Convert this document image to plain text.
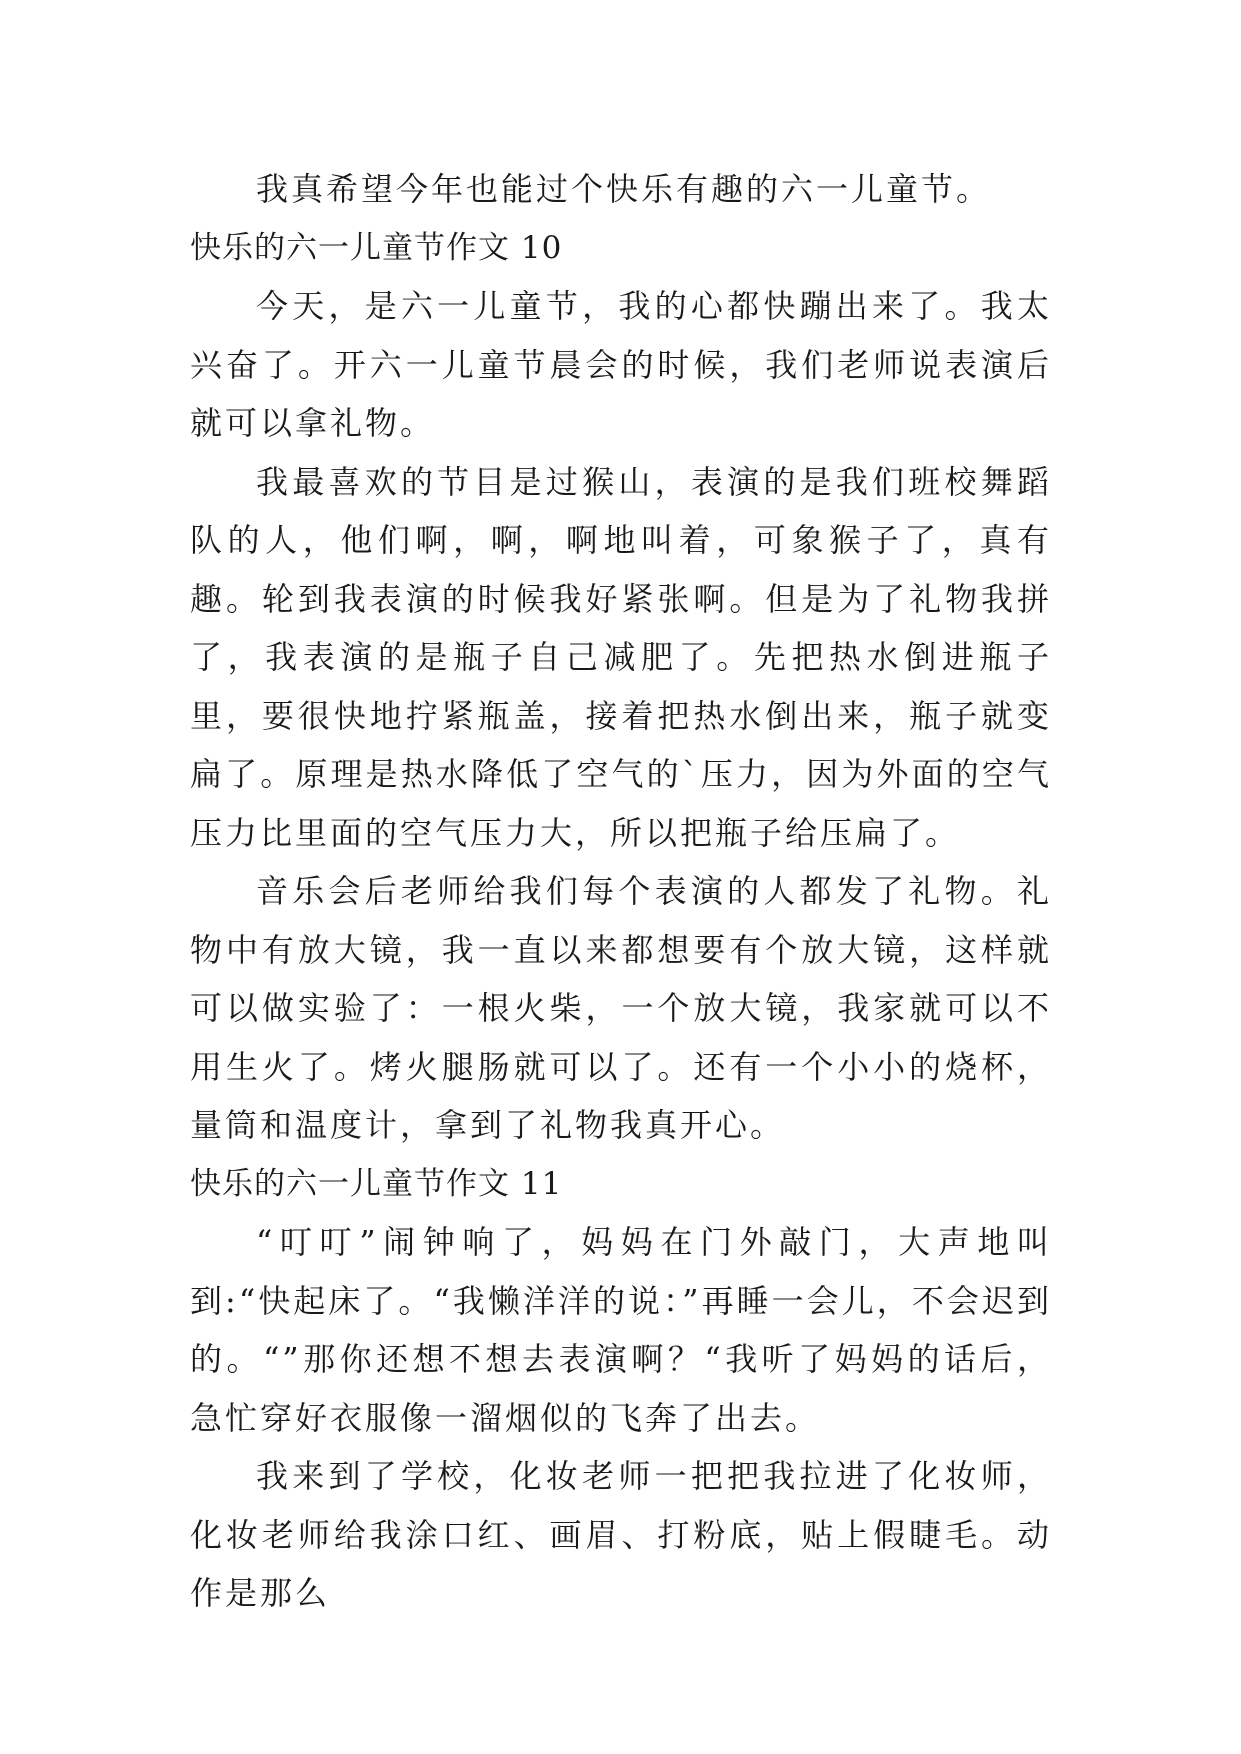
我真希望今年也能过个快乐有趣的六一儿童节。

快乐的六一儿童节作文 10

今天，是六一儿童节，我的心都快蹦出来了。我太兴奋了。开六一儿童节晨会的时候，我们老师说表演后就可以拿礼物。

我最喜欢的节目是过猴山，表演的是我们班校舞蹈队的人，他们啊，啊，啊地叫着，可象猴子了，真有趣。轮到我表演的时候我好紧张啊。但是为了礼物我拼了，我表演的是瓶子自己减肥了。先把热水倒进瓶子里，要很快地拧紧瓶盖，接着把热水倒出来，瓶子就变扁了。原理是热水降低了空气的`压力，因为外面的空气压力比里面的空气压力大，所以把瓶子给压扁了。

音乐会后老师给我们每个表演的人都发了礼物。礼物中有放大镜，我一直以来都想要有个放大镜，这样就可以做实验了：一根火柴，一个放大镜，我家就可以不用生火了。烤火腿肠就可以了。还有一个小小的烧杯，量筒和温度计，拿到了礼物我真开心。

快乐的六一儿童节作文 11

“叮叮”闹钟响了，妈妈在门外敲门，大声地叫到:“快起床了。“我懒洋洋的说：”再睡一会儿，不会迟到的。“”那你还想不想去表演啊？“我听了妈妈的话后，急忙穿好衣服像一溜烟似的飞奔了出去。

我来到了学校，化妆老师一把把我拉进了化妆师，化妆老师给我涂口红、画眉、打粉底，贴上假睫毛。动作是那么
